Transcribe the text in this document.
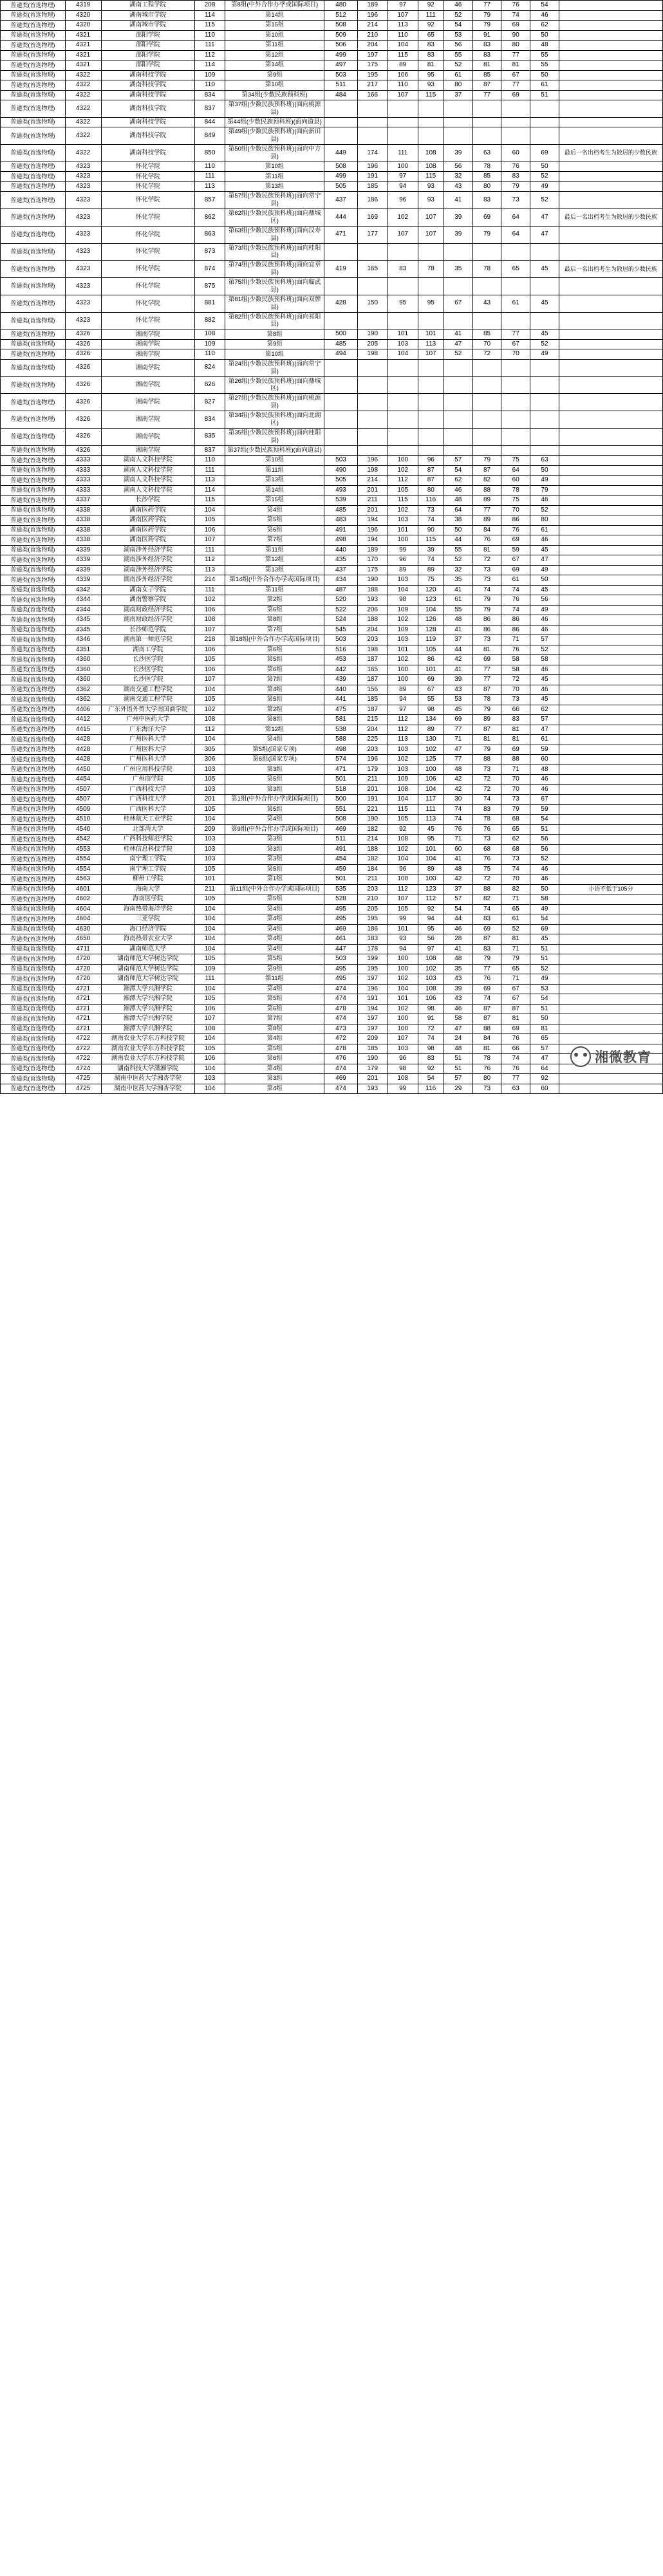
普通类(首选物理)	4319	湖南工程学院	208	第8组(中外合作办学或国际项目)	480	189	97	92	46	77	76	54	
普通类(首选物理)	4320	湖南城市学院	114	第14组	512	196	107	111	52	79	74	46	
普通类(首选物理)	4320	湖南城市学院	115	第15组	508	214	113	92	54	79	69	62	
普通类(首选物理)	4321	邵阳学院	110	第10组	509	210	110	65	53	91	90	50	
普通类(首选物理)	4321	邵阳学院	111	第11组	506	204	104	83	56	83	80	48	
普通类(首选物理)	4321	邵阳学院	112	第12组	499	197	115	83	55	83	77	55	
普通类(首选物理)	4321	邵阳学院	114	第14组	497	175	89	81	52	81	81	55	
普通类(首选物理)	4322	湖南科技学院	109	第9组	503	195	106	95	61	85	67	50	
普通类(首选物理)	4322	湖南科技学院	110	第10组	511	217	110	93	80	87	77	61	
普通类(首选物理)	4322	湖南科技学院	834	第34组(少数民族预科班)	484	166	107	115	37	77	69	51	
普通类(首选物理)	4322	湖南科技学院	837	第37组(少数民族预科班)(面向桃源县)									
普通类(首选物理)	4322	湖南科技学院	844	第44组(少数民族预科班)(面向道县)									
普通类(首选物理)	4322	湖南科技学院	849	第49组(少数民族预科班)(面向新田县)									
普通类(首选物理)	4322	湖南科技学院	850	第50组(少数民族预科班)(面向中方县)	449	174	111	108	39	63	60	69	最后一名出档考生为散居的少数民族
普通类(首选物理)	4323	怀化学院	110	第10组	508	196	100	108	56	78	76	50	
普通类(首选物理)	4323	怀化学院	111	第11组	499	191	97	115	32	85	83	52	
普通类(首选物理)	4323	怀化学院	113	第13组	505	185	94	93	43	80	79	49	
普通类(首选物理)	4323	怀化学院	857	第57组(少数民族预科班)(面向常宁县)	437	186	96	93	41	83	73	52	
普通类(首选物理)	4323	怀化学院	862	第62组(少数民族预科班)(面向鼎城区)	444	169	102	107	39	69	64	47	最后一名出档考生为散居的少数民族
普通类(首选物理)	4323	怀化学院	863	第63组(少数民族预科班)(面向汉寿县)	471	177	107	107	39	79	64	47	
普通类(首选物理)	4323	怀化学院	873	第73组(少数民族预科班)(面向桂阳县)									
普通类(首选物理)	4323	怀化学院	874	第74组(少数民族预科班)(面向宜章县)	419	165	83	78	35	78	65	45	最后一名出档考生为散居的少数民族
普通类(首选物理)	4323	怀化学院	875	第75组(少数民族预科班)(面向临武县)									
普通类(首选物理)	4323	怀化学院	881	第81组(少数民族预科班)(面向双牌县)	428	150	95	95	67	43	61	45	
普通类(首选物理)	4323	怀化学院	882	第82组(少数民族预科班)(面向祁阳县)									
普通类(首选物理)	4326	湘南学院	108	第8组	500	190	101	101	41	85	77	45	
普通类(首选物理)	4326	湘南学院	109	第9组	485	205	103	113	47	70	67	52	
普通类(首选物理)	4326	湘南学院	110	第10组	494	198	104	107	52	72	70	49	
普通类(首选物理)	4326	湘南学院	824	第24组(少数民族预科班)(面向常宁县)									
普通类(首选物理)	4326	湘南学院	826	第26组(少数民族预科班)(面向鼎城区)									
普通类(首选物理)	4326	湘南学院	827	第27组(少数民族预科班)(面向桃源县)									
普通类(首选物理)	4326	湘南学院	834	第34组(少数民族预科班)(面向北湖区)									
普通类(首选物理)	4326	湘南学院	835	第35组(少数民族预科班)(面向桂阳县)									
普通类(首选物理)	4326	湘南学院	837	第37组(少数民族预科班)(面向道县)									
普通类(首选物理)	4333	湖南人文科技学院	110	第10组	503	196	100	96	57	79	75	63	
普通类(首选物理)	4333	湖南人文科技学院	111	第11组	490	198	102	87	54	87	64	50	
普通类(首选物理)	4333	湖南人文科技学院	113	第13组	505	214	112	87	62	82	60	49	
普通类(首选物理)	4333	湖南人文科技学院	114	第14组	493	201	105	80	46	88	78	79	
普通类(首选物理)	4337	长沙学院	115	第15组	539	211	115	116	48	89	75	46	
普通类(首选物理)	4338	湖南医药学院	104	第4组	485	201	102	73	64	77	70	52	
普通类(首选物理)	4338	湖南医药学院	105	第5组	483	194	103	74	38	89	86	80	
普通类(首选物理)	4338	湖南医药学院	106	第6组	491	196	101	90	50	84	76	61	
普通类(首选物理)	4338	湖南医药学院	107	第7组	498	194	100	115	44	76	69	46	
普通类(首选物理)	4339	湖南涉外经济学院	111	第11组	440	189	99	39	55	81	59	45	
普通类(首选物理)	4339	湖南涉外经济学院	112	第12组	435	170	96	74	52	72	67	47	
普通类(首选物理)	4339	湖南涉外经济学院	113	第13组	437	175	89	89	32	73	69	49	
普通类(首选物理)	4339	湖南涉外经济学院	214	第14组(中外合作办学或国际项目)	434	190	103	75	35	73	61	50	
普通类(首选物理)	4342	湖南女子学院	111	第11组	487	188	104	120	41	74	74	45	
普通类(首选物理)	4344	湖南警察学院	102	第2组	520	193	98	123	61	79	76	56	
普通类(首选物理)	4344	湖南财政经济学院	106	第6组	522	206	109	104	55	79	74	49	
普通类(首选物理)	4345	湖南财政经济学院	108	第8组	524	188	102	126	48	86	86	46	
普通类(首选物理)	4345	长沙师范学院	107	第7组	545	204	109	128	41	86	86	46	
普通类(首选物理)	4346	湖南第一师范学院	218	第18组(中外合作办学或国际项目)	503	203	103	119	37	73	71	57	
普通类(首选物理)	4351	湖南工学院	106	第6组	516	198	101	105	44	81	76	52	
普通类(首选物理)	4360	长沙医学院	105	第5组	453	187	102	86	42	69	58	58	
普通类(首选物理)	4360	长沙医学院	106	第6组	442	165	100	101	41	77	58	46	
普通类(首选物理)	4360	长沙医学院	107	第7组	439	187	100	69	39	77	72	45	
普通类(首选物理)	4362	湖南交通工程学院	104	第4组	440	156	89	67	43	87	70	46	
普通类(首选物理)	4362	湖南交通工程学院	105	第5组	441	185	94	55	53	78	73	45	
普通类(首选物理)	4406	广东外语外贸大学南国商学院	102	第2组	475	187	97	98	45	79	66	62	
普通类(首选物理)	4412	广州中医药大学	108	第8组	581	215	112	134	69	89	83	57	
普通类(首选物理)	4415	广东海洋大学	112	第12组	538	204	112	89	77	87	81	47	
普通类(首选物理)	4428	广州医科大学	104	第4组	588	225	113	130	71	81	81	61	
普通类(首选物理)	4428	广州医科大学	305	第5组(国家专项)	498	203	103	102	47	79	69	59	
普通类(首选物理)	4428	广州医科大学	306	第6组(国家专项)	574	196	102	125	77	88	88	60	
普通类(首选物理)	4450	广州应用科技学院	103	第3组	471	179	103	100	48	73	71	48	
普通类(首选物理)	4454	广州商学院	105	第5组	501	211	109	106	42	72	70	46	
普通类(首选物理)	4507	广西科技大学	103	第3组	518	201	108	104	42	72	70	46	
普通类(首选物理)	4507	广西科技大学	201	第1组(中外合作办学或国际项目)	500	191	104	117	30	74	73	67	
普通类(首选物理)	4509	广西医科大学	105	第5组	551	221	115	111	74	83	79	59	
普通类(首选物理)	4510	桂林航天工业学院	104	第4组	508	190	105	113	74	78	68	54	
普通类(首选物理)	4540	北部湾大学	209	第9组(中外合作办学或国际项目)	469	182	92	45	76	76	65	51	
普通类(首选物理)	4542	广西科技师范学院	103	第3组	511	214	108	95	71	73	62	56	
普通类(首选物理)	4553	桂林信息科技学院	103	第3组	491	188	102	101	60	68	68	56	
普通类(首选物理)	4554	南宁理工学院	103	第3组	454	182	104	104	41	76	73	52	
普通类(首选物理)	4554	南宁理工学院	105	第5组	459	184	96	89	48	75	74	46	
普通类(首选物理)	4563	柳州工学院	101	第1组	501	211	100	100	42	72	70	46	
普通类(首选物理)	4601	海南大学	211	第11组(中外合作办学或国际项目)	535	203	112	123	37	88	82	50	小语不低于105分
普通类(首选物理)	4602	海南医学院	105	第5组	528	210	107	112	57	82	71	58	
普通类(首选物理)	4604	海南热带海洋学院	104	第4组	495	205	105	92	54	74	65	49	
普通类(首选物理)	4604	三亚学院	104	第4组	495	195	99	94	44	83	61	54	
普通类(首选物理)	4630	海口经济学院	104	第4组	469	186	101	95	46	69	52	69	
普通类(首选物理)	4650	海南热带农业大学	104	第4组	461	183	93	56	28	87	81	45	
普通类(首选物理)	4711	湖南师范大学	104	第4组	447	178	94	97	41	83	71	51	
普通类(首选物理)	4720	湖南师范大学树达学院	105	第5组	503	199	100	108	48	79	79	51	
普通类(首选物理)	4720	湖南师范大学树达学院	109	第9组	495	195	100	102	35	77	65	52	
普通类(首选物理)	4720	湖南师范大学树达学院	111	第11组	495	197	102	103	43	76	71	49	
普通类(首选物理)	4721	湘潭大学兴湘学院	104	第4组	474	196	104	108	39	69	67	53	
普通类(首选物理)	4721	湘潭大学兴湘学院	105	第5组	474	191	101	106	43	74	67	54	
普通类(首选物理)	4721	湘潭大学兴湘学院	106	第6组	478	194	102	98	46	87	87	51	
普通类(首选物理)	4721	湘潭大学兴湘学院	107	第7组	474	197	100	91	58	87	81	50	
普通类(首选物理)	4721	湘潭大学兴湘学院	108	第8组	473	197	100	72	47	88	69	81	
普通类(首选物理)	4722	湖南农业大学东方科技学院	104	第4组	472	209	107	74	24	84	76	65	
普通类(首选物理)	4722	湖南农业大学东方科技学院	105	第5组	478	185	103	98	48	81	66	57	
普通类(首选物理)	4722	湖南农业大学东方科技学院	106	第6组	476	190	96	83	51	78	74	47	
普通类(首选物理)	4724	湖南科技大学潇湘学院	104	第4组	474	179	98	92	51	76	76	64	
普通类(首选物理)	4725	湖南中医药大学湘杏学院	103	第3组	469	201	108	54	57	80	77	92	
普通类(首选物理)	4725	湖南中医药大学湘杏学院	104	第4组	474	193	99	116	29	73	63	60	
湘微教育
